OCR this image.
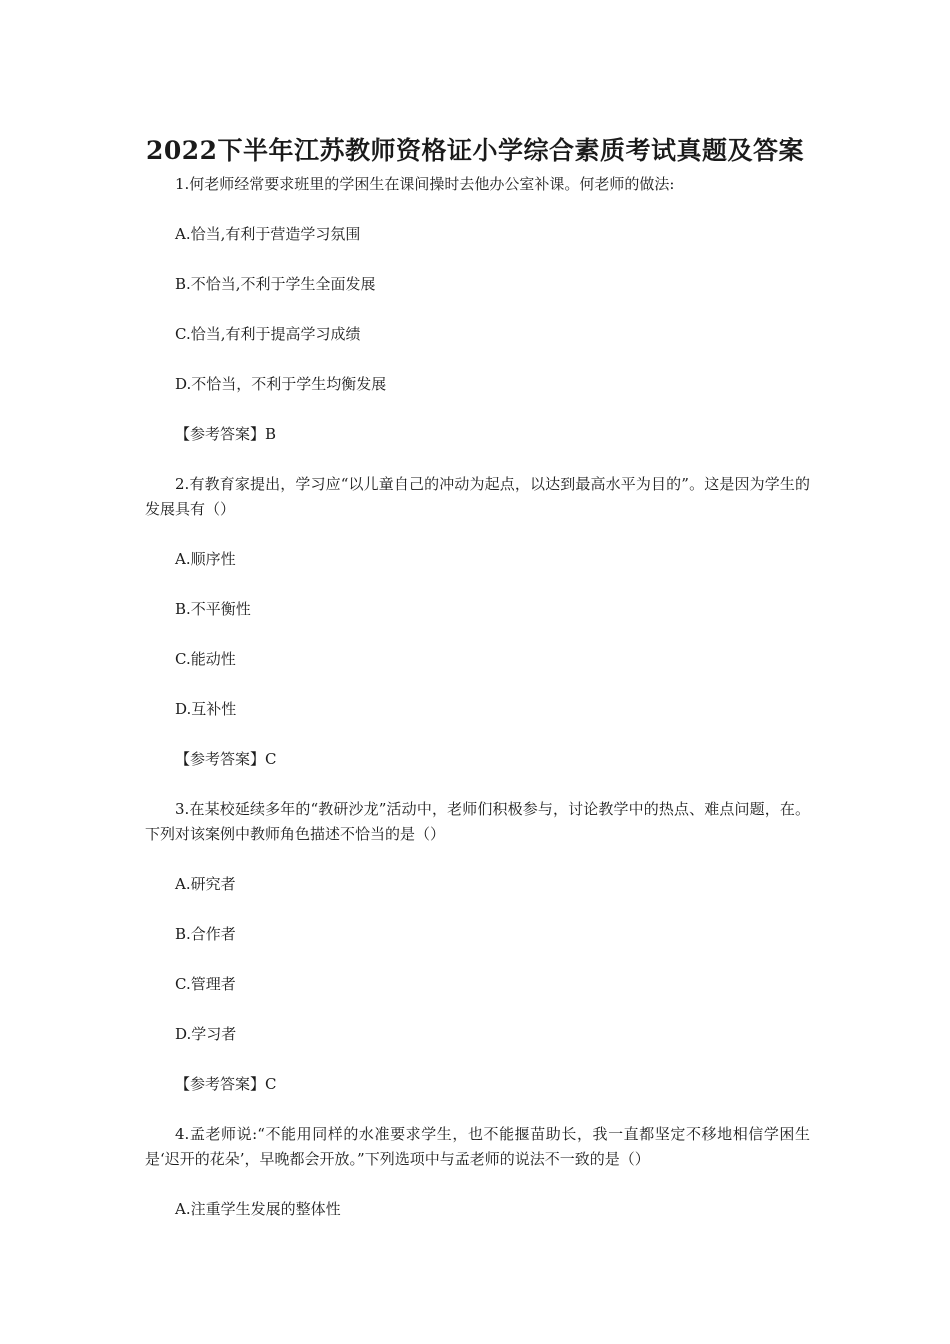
2022下半年江苏教师资格证小学综合素质考试真题及答案

1.何老师经常要求班里的学困生在课间操时去他办公室补课。何老师的做法:

A.恰当,有利于营造学习氛围

B.不恰当,不利于学生全面发展

C.恰当,有利于提高学习成绩

D.不恰当，不利于学生均衡发展

【参考答案】B

2.有教育家提出，学习应“以儿童自己的冲动为起点，以达到最高水平为目的”。这是因为学生的发展具有（）

A.顺序性

B.不平衡性

C.能动性

D.互补性

【参考答案】C

3.在某校延续多年的“教研沙龙”活动中，老师们积极参与，讨论教学中的热点、难点问题，在。下列对该案例中教师角色描述不恰当的是（）

A.研究者

B.合作者

C.管理者

D.学习者

【参考答案】C

4.孟老师说:“不能用同样的水准要求学生，也不能揠苗助长，我一直都坚定不移地相信学困生是‘迟开的花朵’，早晚都会开放。”下列选项中与孟老师的说法不一致的是（）

A.注重学生发展的整体性
